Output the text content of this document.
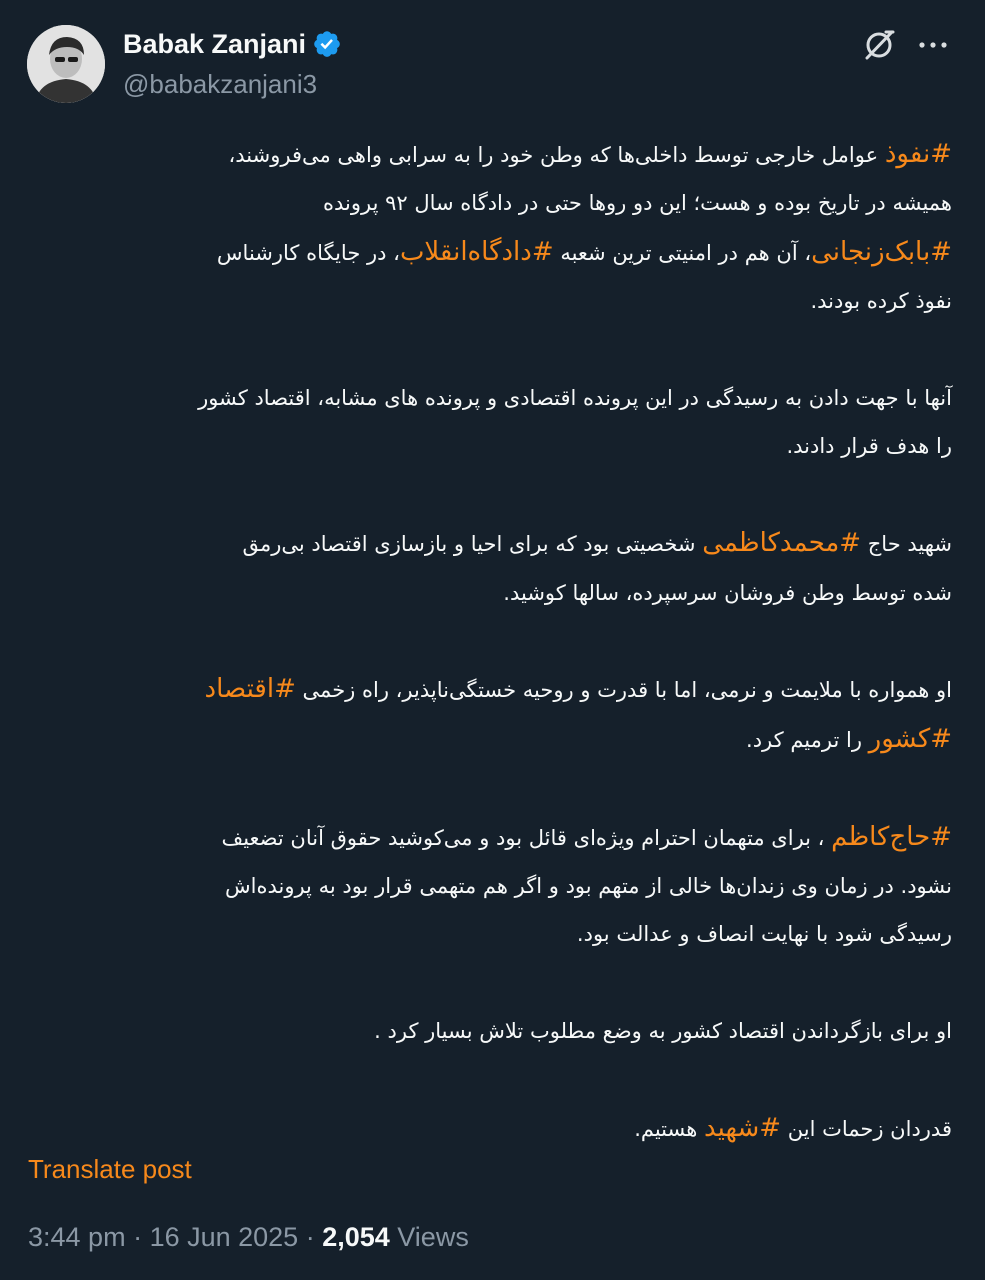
Babak Zanjani
@babakzanjani3

#نفوذ عوامل خارجی توسط داخلی‌ها که وطن خود را به سرابی واهی می‌فروشند،
همیشه در تاریخ بوده و هست؛ این دو روها حتی در دادگاه سال ۹۲ پرونده
#بابک‌زنجانی، آن هم در امنیتی ترین شعبه #دادگاه‌انقلاب، در جایگاه کارشناس
نفوذ کرده بودند.

آنها با جهت دادن به رسیدگی در این پرونده اقتصادی و پرونده های مشابه، اقتصاد کشور
را هدف قرار دادند.

شهید حاج #محمدکاظمی شخصیتی بود که برای احیا و بازسازی اقتصاد بی‌رمق
شده توسط وطن فروشان سرسپرده، سالها کوشید.

او همواره با ملایمت و نرمی، اما با قدرت و روحیه خستگی‌ناپذیر، راه زخمی #اقتصاد
#کشور را ترمیم کرد.

#حاج‌کاظم ، برای متهمان احترام ویژه‌ای قائل بود و می‌کوشید حقوق آنان تضعیف
نشود. در زمان وی زندان‌ها خالی از متهم بود و اگر هم متهمی قرار بود به پرونده‌اش
رسیدگی شود با نهایت انصاف و عدالت بود.

او برای بازگرداندن اقتصاد کشور به وضع مطلوب تلاش بسیار کرد .

قدردان زحمات این #شهید هستیم.

Translate post
3:44 pm · 16 Jun 2025 · 2,054 Views
